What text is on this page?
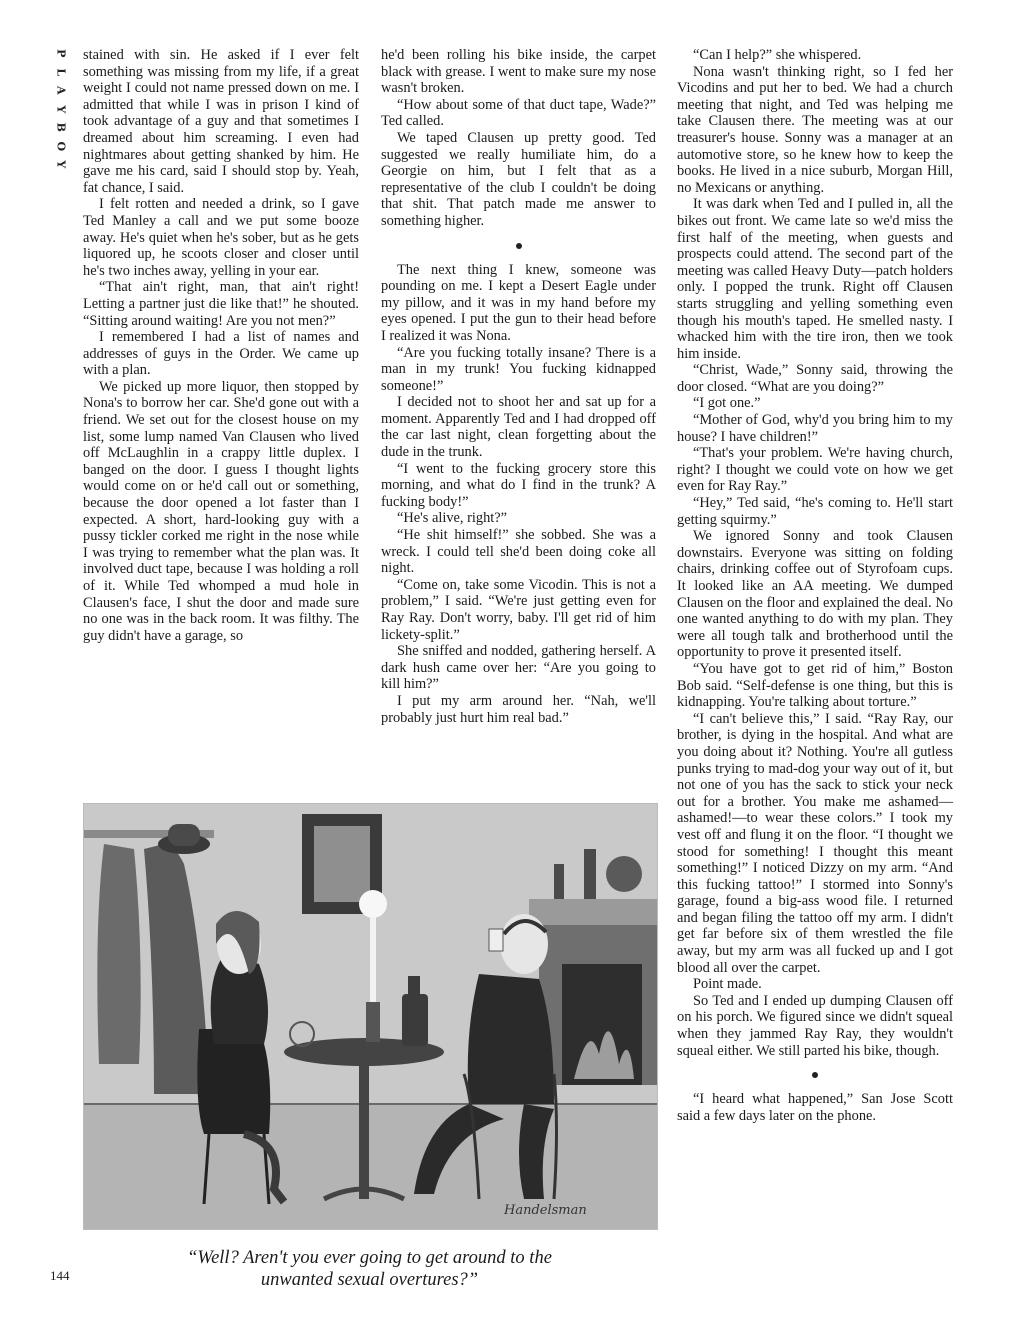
P
L
A
Y
B
O
Y

stained with sin. He asked if I ever felt something was missing from my life, if a great weight I could not name pressed down on me. I admitted that while I was in prison I kind of took advantage of a guy and that sometimes I dreamed about him screaming. I even had nightmares about getting shanked by him. He gave me his card, said I should stop by. Yeah, fat chance, I said.

I felt rotten and needed a drink, so I gave Ted Manley a call and we put some booze away. He's quiet when he's sober, but as he gets liquored up, he scoots closer and closer until he's two inches away, yelling in your ear.

“That ain't right, man, that ain't right! Letting a partner just die like that!” he shouted. “Sitting around waiting! Are you not men?”

I remembered I had a list of names and addresses of guys in the Order. We came up with a plan.

We picked up more liquor, then stopped by Nona's to borrow her car. She'd gone out with a friend. We set out for the closest house on my list, some lump named Van Clausen who lived off McLaughlin in a crappy little duplex. I banged on the door. I guess I thought lights would come on or he'd call out or something, because the door opened a lot faster than I expected. A short, hard-looking guy with a pussy tickler corked me right in the nose while I was trying to remember what the plan was. It involved duct tape, because I was holding a roll of it. While Ted whomped a mud hole in Clausen's face, I shut the door and made sure no one was in the back room. It was filthy. The guy didn't have a garage, so

he'd been rolling his bike inside, the carpet black with grease. I went to make sure my nose wasn't broken.

“How about some of that duct tape, Wade?” Ted called.

We taped Clausen up pretty good. Ted suggested we really humiliate him, do a Georgie on him, but I felt that as a representative of the club I couldn't be doing that shit. That patch made me answer to something higher.

The next thing I knew, someone was pounding on me. I kept a Desert Eagle under my pillow, and it was in my hand before my eyes opened. I put the gun to their head before I realized it was Nona.

“Are you fucking totally insane? There is a man in my trunk! You fucking kidnapped someone!”

I decided not to shoot her and sat up for a moment. Apparently Ted and I had dropped off the car last night, clean forgetting about the dude in the trunk.

“I went to the fucking grocery store this morning, and what do I find in the trunk? A fucking body!”

“He's alive, right?”

“He shit himself!” she sobbed. She was a wreck. I could tell she'd been doing coke all night.

“Come on, take some Vicodin. This is not a problem,” I said. “We're just getting even for Ray Ray. Don't worry, baby. I'll get rid of him lickety-split.”

She sniffed and nodded, gathering herself. A dark hush came over her: “Are you going to kill him?”

I put my arm around her. “Nah, we'll probably just hurt him real bad.”

“Can I help?” she whispered.

Nona wasn't thinking right, so I fed her Vicodins and put her to bed. We had a church meeting that night, and Ted was helping me take Clausen there. The meeting was at our treasurer's house. Sonny was a manager at an automotive store, so he knew how to keep the books. He lived in a nice suburb, Morgan Hill, no Mexicans or anything.

It was dark when Ted and I pulled in, all the bikes out front. We came late so we'd miss the first half of the meeting, when guests and prospects could attend. The second part of the meeting was called Heavy Duty—patch holders only. I popped the trunk. Right off Clausen starts struggling and yelling something even though his mouth's taped. He smelled nasty. I whacked him with the tire iron, then we took him inside.

“Christ, Wade,” Sonny said, throwing the door closed. “What are you doing?”

“I got one.”

“Mother of God, why'd you bring him to my house? I have children!”

“That's your problem. We're having church, right? I thought we could vote on how we get even for Ray Ray.”

“Hey,” Ted said, “he's coming to. He'll start getting squirmy.”

We ignored Sonny and took Clausen downstairs. Everyone was sitting on folding chairs, drinking coffee out of Styrofoam cups. It looked like an AA meeting. We dumped Clausen on the floor and explained the deal. No one wanted anything to do with my plan. They were all tough talk and brotherhood until the opportunity to prove it presented itself.

“You have got to get rid of him,” Boston Bob said. “Self-defense is one thing, but this is kidnapping. You're talking about torture.”

“I can't believe this,” I said. “Ray Ray, our brother, is dying in the hospital. And what are you doing about it? Nothing. You're all gutless punks trying to mad-dog your way out of it, but not one of you has the sack to stick your neck out for a brother. You make me ashamed—ashamed!—to wear these colors.” I took my vest off and flung it on the floor. “I thought we stood for something! I thought this meant something!” I noticed Dizzy on my arm. “And this fucking tattoo!” I stormed into Sonny's garage, found a big-ass wood file. I returned and began filing the tattoo off my arm. I didn't get far before six of them wrestled the file away, but my arm was all fucked up and I got blood all over the carpet.

Point made.

So Ted and I ended up dumping Clausen off on his porch. We figured since we didn't squeal when they jammed Ray Ray, they wouldn't squeal either. We still parted his bike, though.

“I heard what happened,” San Jose Scott said a few days later on the phone.

Handelsman
“Well? Aren't you ever going to get around to the
unwanted sexual overtures?”
144
